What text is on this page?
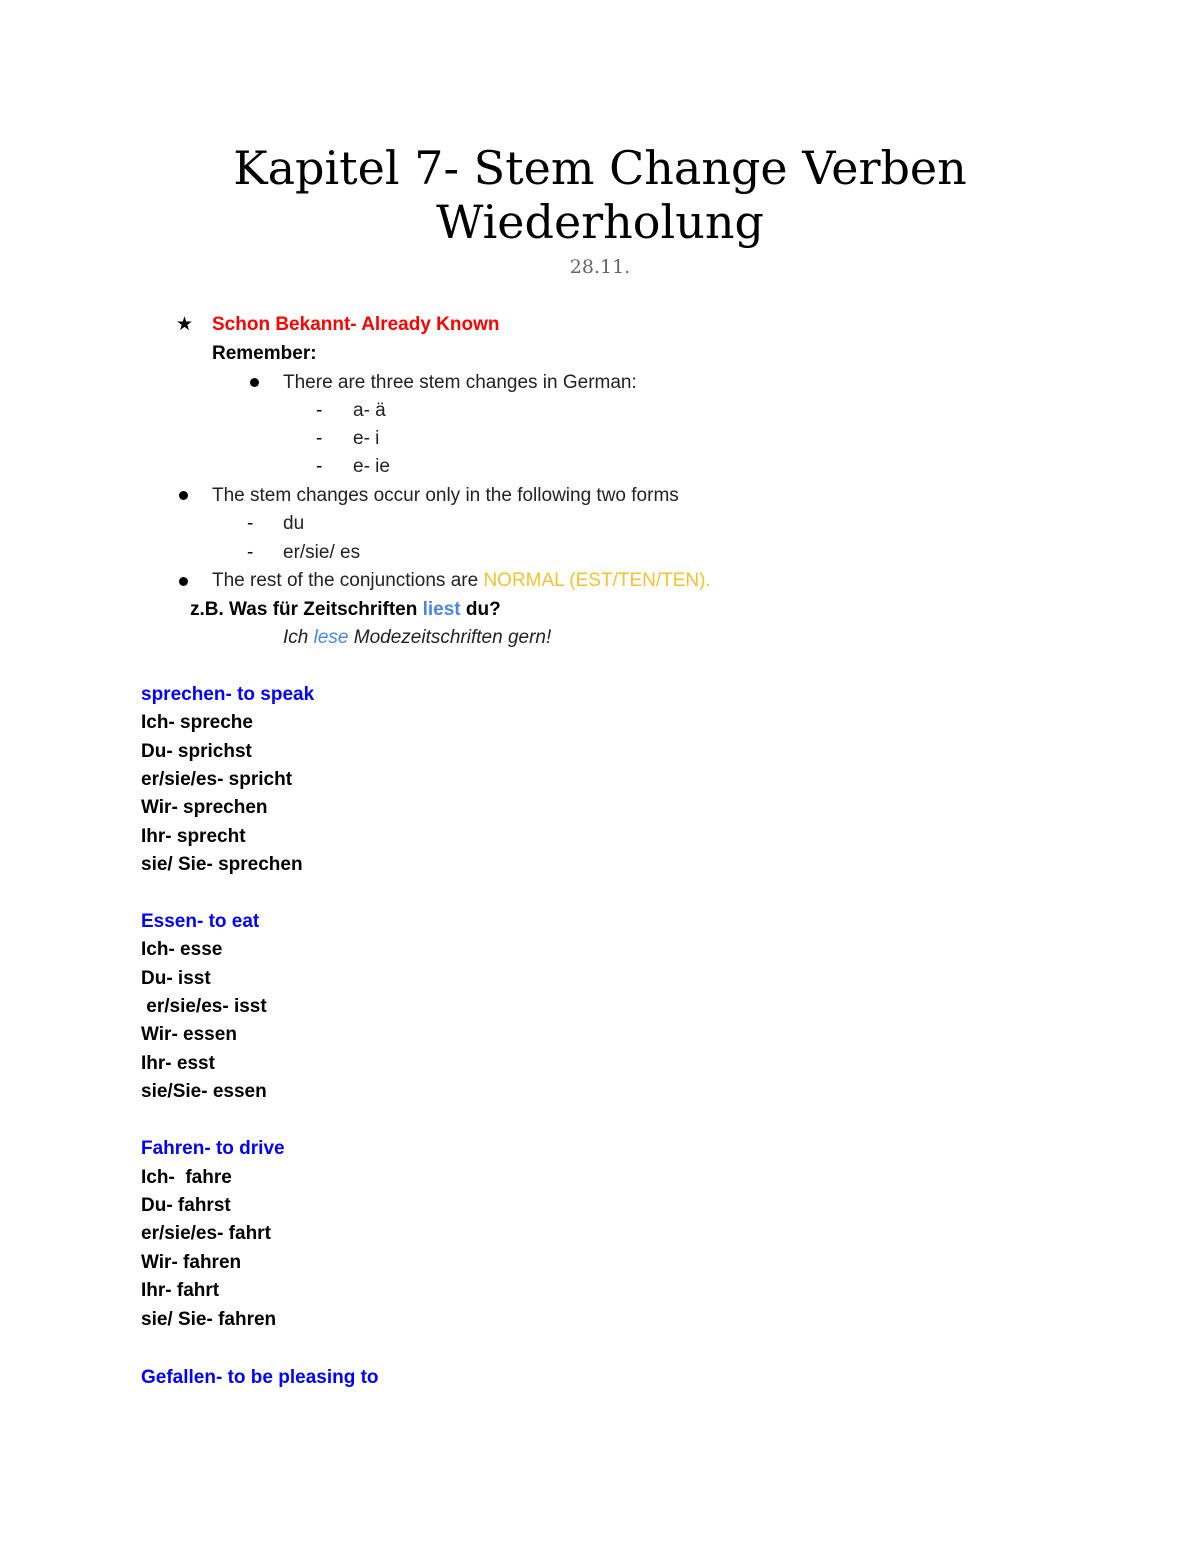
Kapitel 7- Stem Change Verben
Wiederholung
28.11.
★ Schon Bekannt- Already Known
Remember:
There are three stem changes in German:
- a- ä
- e- i
- e- ie
The stem changes occur only in the following two forms
- du
- er/sie/ es
The rest of the conjunctions are NORMAL (EST/TEN/TEN).
z.B. Was für Zeitschriften liest du?
Ich lese Modezeitschriften gern!
sprechen- to speak
Ich- spreche
Du- sprichst
er/sie/es- spricht
Wir- sprechen
Ihr- sprecht
sie/ Sie- sprechen
Essen- to eat
Ich- esse
Du- isst
er/sie/es- isst
Wir- essen
Ihr- esst
sie/Sie- essen
Fahren- to drive
Ich-  fahre
Du- fahrst
er/sie/es- fahrt
Wir- fahren
Ihr- fahrt
sie/ Sie- fahren
Gefallen- to be pleasing to
